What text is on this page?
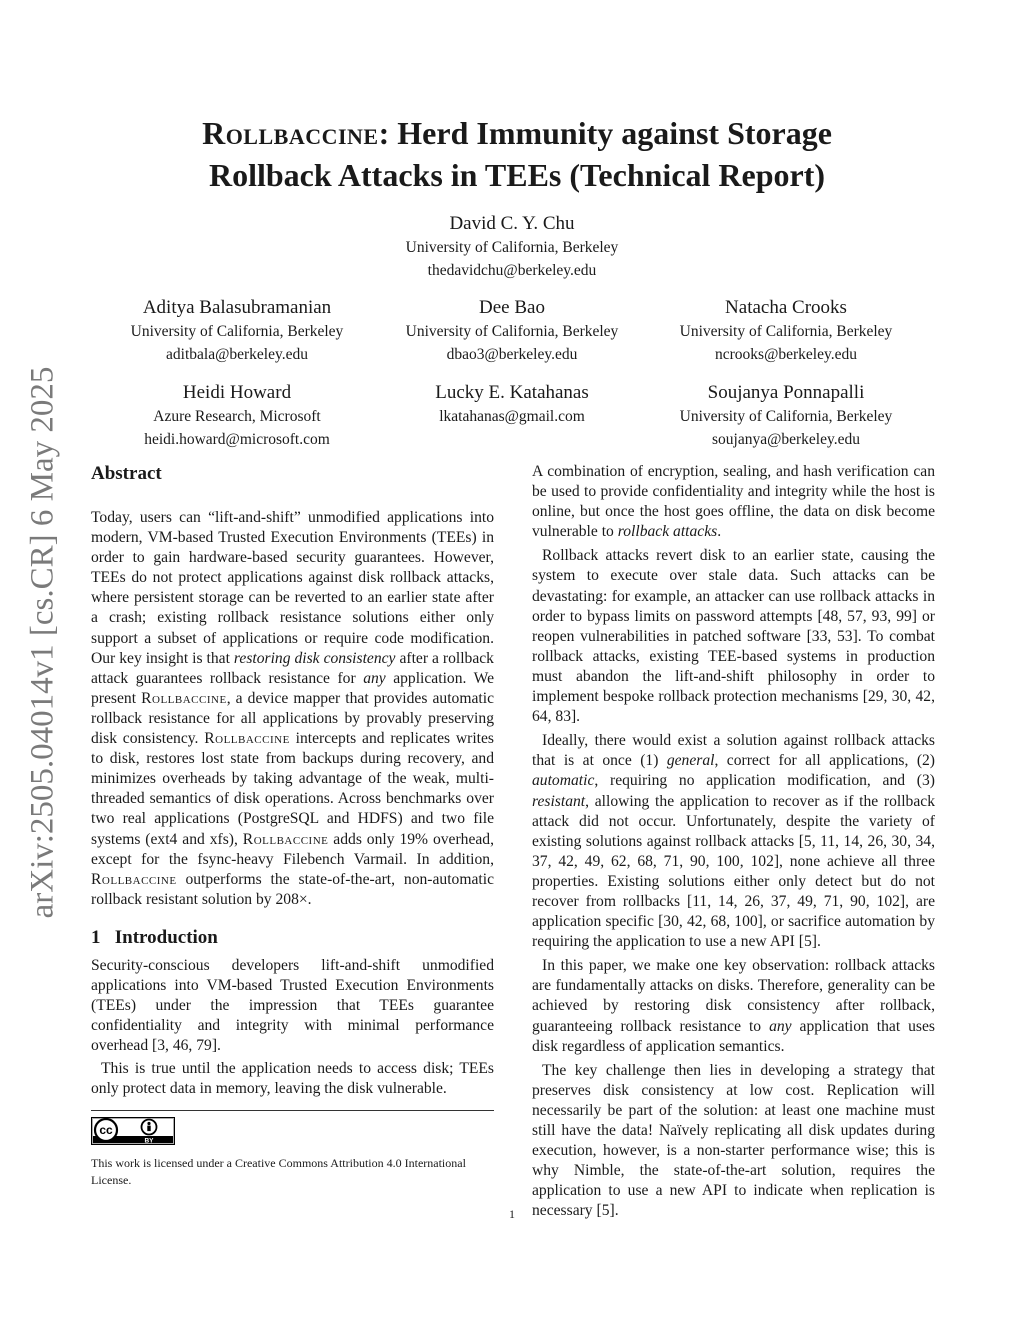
arXiv:2505.04014v1 [cs.CR] 6 May 2025
Rollbaccine: Herd Immunity against Storage
Rollback Attacks in TEEs (Technical Report)
David C. Y. Chu
University of California, Berkeley
thedavidchu@berkeley.edu
Aditya Balasubramanian
University of California, Berkeley
aditbala@berkeley.edu
Dee Bao
University of California, Berkeley
dbao3@berkeley.edu
Natacha Crooks
University of California, Berkeley
ncrooks@berkeley.edu
Heidi Howard
Azure Research, Microsoft
heidi.howard@microsoft.com
Lucky E. Katahanas
lkatahanas@gmail.com
Soujanya Ponnapalli
University of California, Berkeley
soujanya@berkeley.edu
Abstract

Today, users can “lift-and-shift” unmodified applications into modern, VM-based Trusted Execution Environments (TEEs) in order to gain hardware-based security guarantees. However, TEEs do not protect applications against disk rollback attacks, where persistent storage can be reverted to an earlier state after a crash; existing rollback resistance solutions either only support a subset of applications or require code modification. Our key insight is that restoring disk consistency after a rollback attack guarantees rollback resistance for any application. We present Rollbaccine, a device mapper that provides automatic rollback resistance for all applications by provably preserving disk consistency. Rollbaccine intercepts and replicates writes to disk, restores lost state from backups during recovery, and minimizes overheads by taking advantage of the weak, multi-threaded semantics of disk operations. Across benchmarks over two real applications (PostgreSQL and HDFS) and two file systems (ext4 and xfs), Rollbaccine adds only 19% overhead, except for the fsync-heavy Filebench Varmail. In addition, Rollbaccine outperforms the state-of-the-art, non-automatic rollback resistant solution by 208×.

1   Introduction

Security-conscious developers lift-and-shift unmodified applications into VM-based Trusted Execution Environments (TEEs) under the impression that TEEs guarantee confidentiality and integrity with minimal performance overhead [3, 46, 79].

This is true until the application needs to access disk; TEEs only protect data in memory, leaving the disk vulnerable.

cc
BY

This work is licensed under a Creative Commons Attribution 4.0 International License.

A combination of encryption, sealing, and hash verification can be used to provide confidentiality and integrity while the host is online, but once the host goes offline, the data on disk become vulnerable to rollback attacks.

Rollback attacks revert disk to an earlier state, causing the system to execute over stale data. Such attacks can be devastating: for example, an attacker can use rollback attacks in order to bypass limits on password attempts [48, 57, 93, 99] or reopen vulnerabilities in patched software [33, 53]. To combat rollback attacks, existing TEE-based systems in production must abandon the lift-and-shift philosophy in order to implement bespoke rollback protection mechanisms [29, 30, 42, 64, 83].

Ideally, there would exist a solution against rollback attacks that is at once (1) general, correct for all applications, (2) automatic, requiring no application modification, and (3) resistant, allowing the application to recover as if the rollback attack did not occur. Unfortunately, despite the variety of existing solutions against rollback attacks [5, 11, 14, 26, 30, 34, 37, 42, 49, 62, 68, 71, 90, 100, 102], none achieve all three properties. Existing solutions either only detect but do not recover from rollbacks [11, 14, 26, 37, 49, 71, 90, 102], are application specific [30, 42, 68, 100], or sacrifice automation by requiring the application to use a new API [5].

In this paper, we make one key observation: rollback attacks are fundamentally attacks on disks. Therefore, generality can be achieved by restoring disk consistency after rollback, guaranteeing rollback resistance to any application that uses disk regardless of application semantics.

The key challenge then lies in developing a strategy that preserves disk consistency at low cost. Replication will necessarily be part of the solution: at least one machine must still have the data! Naïvely replicating all disk updates during execution, however, is a non-starter performance wise; this is why Nimble, the state-of-the-art solution, requires the application to use a new API to indicate when replication is necessary [5].

1
